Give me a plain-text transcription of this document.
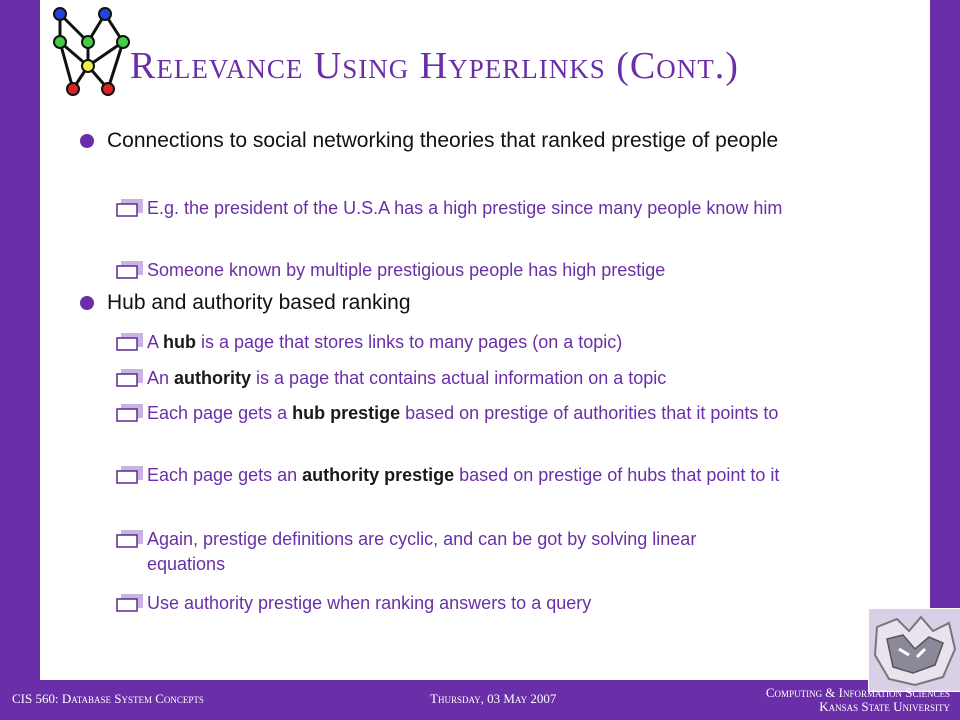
Relevance Using Hyperlinks (Cont.)
Connections to social networking theories that ranked prestige of people
E.g. the president of the U.S.A has a high prestige since many people know him
Someone known by multiple prestigious people has high prestige
Hub and authority based ranking
A hub is a page that stores links to many pages (on a topic)
An authority is a page that contains actual information on a topic
Each page gets a hub prestige based on prestige of authorities that it points to
Each page gets an authority prestige based on prestige of hubs that point to it
Again, prestige definitions are cyclic, and can be got by solving linear equations
Use authority prestige when ranking answers to a query
CIS 560: Database System Concepts	Thursday, 03 May 2007	Computing & Information Sciences
Kansas State University
